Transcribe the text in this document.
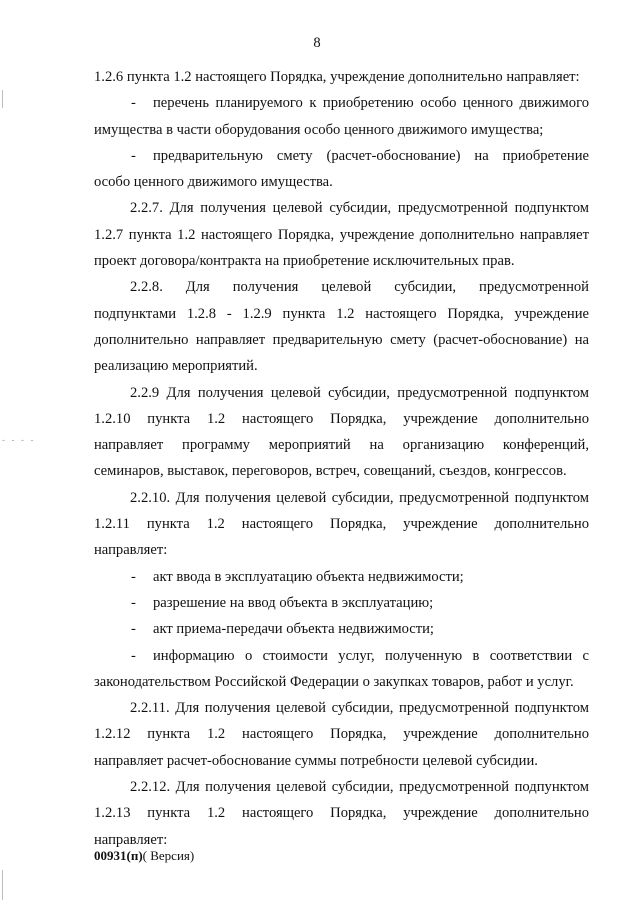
8
1.2.6 пункта 1.2 настоящего Порядка, учреждение дополнительно направляет:
-	перечень планируемого к приобретению особо ценного движимого
имущества в части оборудования особо ценного движимого имущества;
-	предварительную смету (расчет-обоснование) на приобретение
особо ценного движимого имущества.
2.2.7. Для получения целевой субсидии, предусмотренной подпунктом
1.2.7 пункта 1.2 настоящего Порядка, учреждение дополнительно направляет
проект договора/контракта на приобретение исключительных прав.
2.2.8. Для получения целевой субсидии, предусмотренной
подпунктами 1.2.8 - 1.2.9 пункта 1.2 настоящего Порядка, учреждение
дополнительно направляет предварительную смету (расчет-обоснование) на
реализацию мероприятий.
2.2.9 Для получения целевой субсидии, предусмотренной подпунктом
1.2.10 пункта 1.2 настоящего Порядка, учреждение дополнительно
направляет программу мероприятий на организацию конференций,
семинаров, выставок, переговоров, встреч, совещаний, съездов, конгрессов.
2.2.10. Для получения целевой субсидии, предусмотренной подпунктом
1.2.11 пункта 1.2 настоящего Порядка, учреждение дополнительно
направляет:
-	акт ввода в эксплуатацию объекта недвижимости;
-	разрешение на ввод объекта в эксплуатацию;
-	акт приема-передачи объекта недвижимости;
-	информацию о стоимости услуг, полученную в соответствии с
законодательством Российской Федерации о закупках товаров, работ и услуг.
2.2.11. Для получения целевой субсидии, предусмотренной подпунктом
1.2.12 пункта 1.2 настоящего Порядка, учреждение дополнительно
направляет расчет-обоснование суммы потребности целевой субсидии.
2.2.12. Для получения целевой субсидии, предусмотренной подпунктом
1.2.13 пункта 1.2 настоящего Порядка, учреждение дополнительно
направляет:
00931(п)( Версия)
- - - -
